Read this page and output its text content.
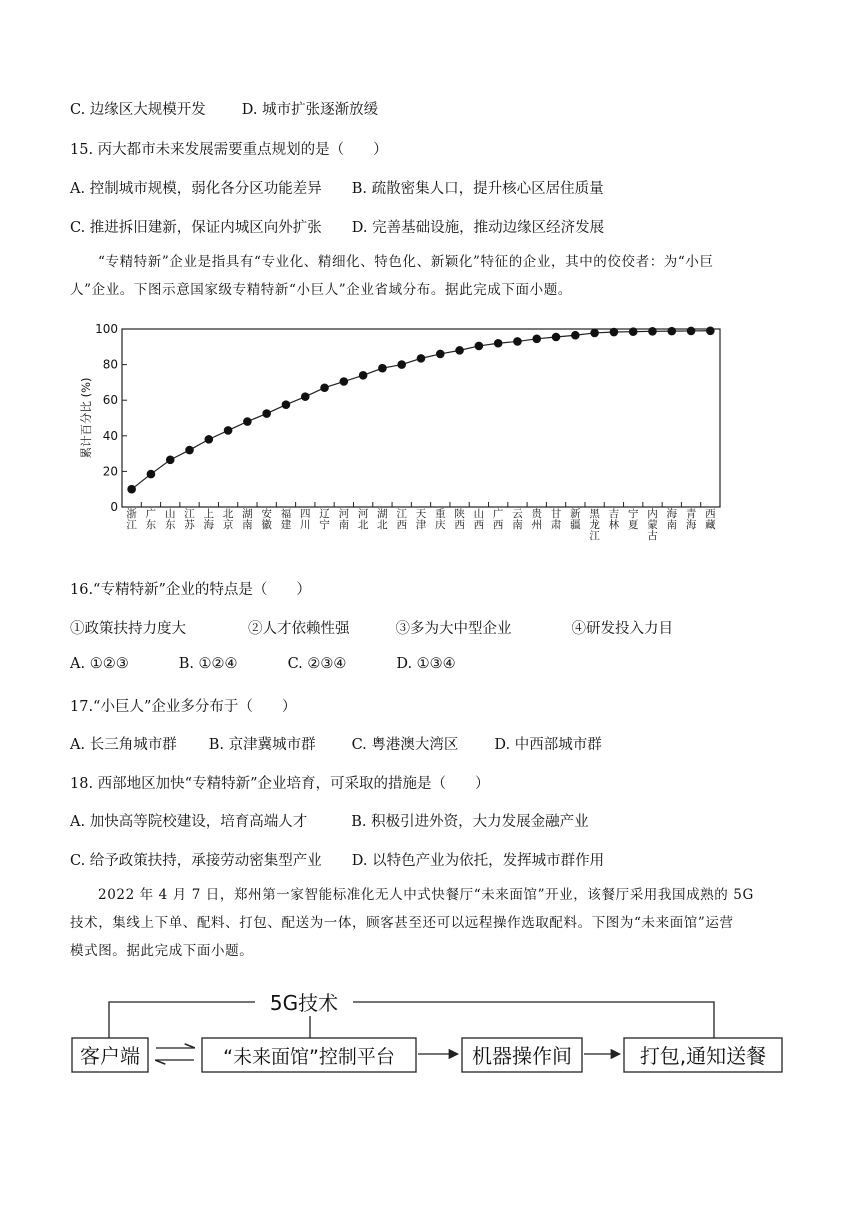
C. 边缘区大规模开发 D. 城市扩张逐渐放缓
15. 丙大都市未来发展需要重点规划的是（　　）
A. 控制城市规模，弱化各分区功能差异 B. 疏散密集人口，提升核心区居住质量
C. 推进拆旧建新，保证内城区向外扩张 D. 完善基础设施，推动边缘区经济发展
“专精特新”企业是指具有“专业化、精细化、特色化、新颖化”特征的企业，其中的佼佼者：为“小巨
人”企业。下图示意国家级专精特新“小巨人”企业省域分布。据此完成下面小题。
0
20
40
60
80
100
浙江
广东
山东
江苏
上海
北京
湖南
安徽
福建
四川
辽宁
河南
河北
湖北
江西
天津
重庆
陕西
山西
广西
云南
贵州
甘肃
新疆
黑龙江
吉林
宁夏
内蒙古
海南
青海
西藏
累计百分比 (%)
16.“专精特新”企业的特点是（　　）
①政策扶持力度大	②人才依赖性强	③多为大中型企业	④研发投入力目
A. ①②③	B. ①②④	C. ②③④	D. ①③④
17.“小巨人”企业多分布于（　　）
A. 长三角城市群 B. 京津冀城市群 C. 粤港澳大湾区 D. 中西部城市群
18. 西部地区加快“专精特新”企业培育，可采取的措施是（　　）
A. 加快高等院校建设，培育高端人才	B. 积极引进外资，大力发展金融产业
C. 给予政策扶持，承接劳动密集型产业 D. 以特色产业为依托，发挥城市群作用
2022 年 4 月 7 日，郑州第一家智能标准化无人中式快餐厅“未来面馆”开业，该餐厅采用我国成熟的 5G
技术，集线上下单、配料、打包、配送为一体，顾客甚至还可以远程操作选取配料。下图为“未来面馆”运营
模式图。据此完成下面小题。
5G技术
客户端	“未来面馆”控制平台	机器操作间	打包,通知送餐
